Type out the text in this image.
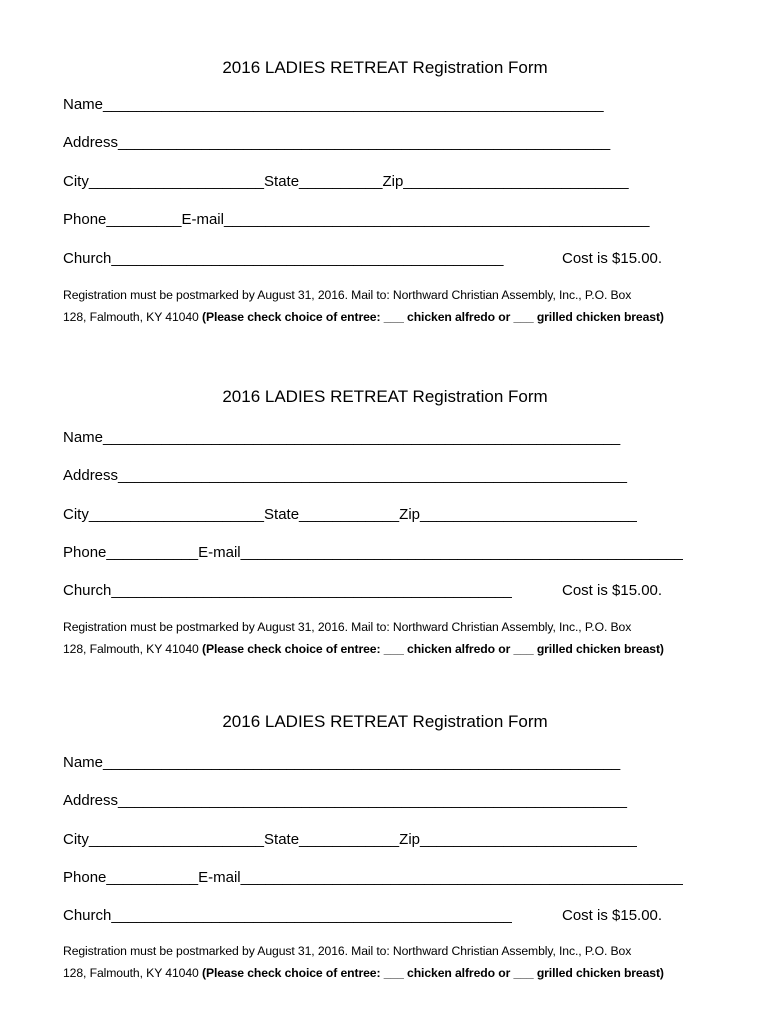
2016 LADIES RETREAT Registration Form
Name____________________________________________________________
Address___________________________________________________________
City_____________________State__________Zip___________________________
Phone_________E-mail___________________________________________________
Church_______________________________________________	Cost is $15.00.
Registration must be postmarked by August 31, 2016. Mail to: Northward Christian Assembly, Inc., P.O. Box
128, Falmouth, KY 41040 (Please check choice of entree: ___ chicken alfredo or ___ grilled chicken breast)
2016 LADIES RETREAT Registration Form
Name______________________________________________________________
Address_____________________________________________________________
City_____________________State____________Zip__________________________
Phone___________E-mail_____________________________________________________
Church________________________________________________	Cost is $15.00.
Registration must be postmarked by August 31, 2016. Mail to: Northward Christian Assembly, Inc., P.O. Box
128, Falmouth, KY 41040 (Please check choice of entree: ___ chicken alfredo or ___ grilled chicken breast)
2016 LADIES RETREAT Registration Form
Name______________________________________________________________
Address_____________________________________________________________
City_____________________State____________Zip__________________________
Phone___________E-mail_____________________________________________________
Church________________________________________________	Cost is $15.00.
Registration must be postmarked by August 31, 2016. Mail to: Northward Christian Assembly, Inc., P.O. Box
128, Falmouth, KY 41040 (Please check choice of entree: ___ chicken alfredo or ___ grilled chicken breast)
